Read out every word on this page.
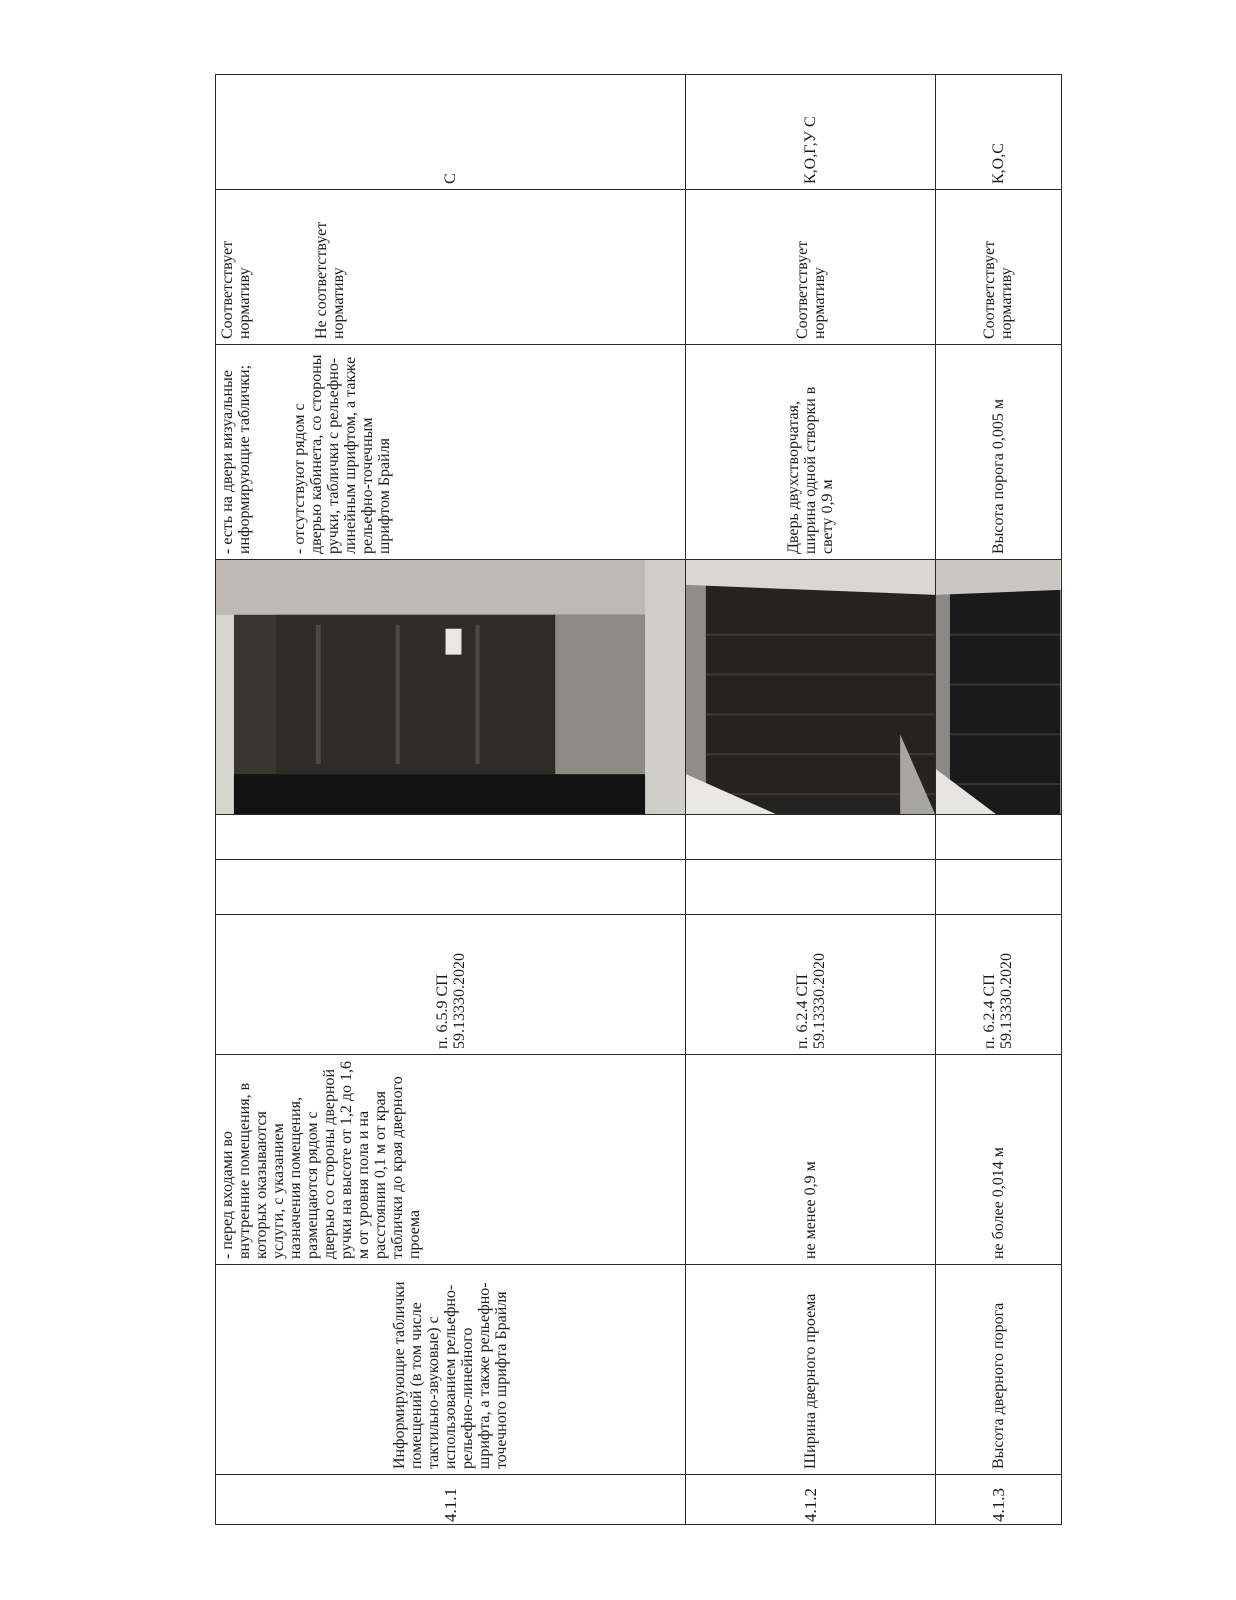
4.1.1	Информирующие таблички помещений (в том числе тактильно-звуковые) с использованием рельефно-рельефно-линейного шрифта, а также рельефно-точечного шрифта Брайля	- перед входами во внутренние помещения, в которых оказываются услуги, с указанием назначения помещения, размещаются рядом с дверью со стороны дверной ручки на высоте от 1,2 до 1,6 м от уровня пола и на расстоянии 0,1 м от края таблички до края дверного проема	п. 6.5.9 СП 59.13330.2020				- есть на двери визуальные информирующие таблички; - отсутствуют рядом с дверью кабинета, со стороны ручки, таблички с рельефно-линейным шрифтом, а также рельефно-точечным шрифтом Брайля	Соответствует нормативу Не соответствует нормативу	С
4.1.2	Ширина дверного проема	не менее 0,9 м	п. 6.2.4 СП 59.13330.2020				Дверь двухстворчатая, ширина одной створки в свету 0,9 м	Соответствует нормативу	К,О,Г,У С
4.1.3	Высота дверного порога	не более 0,014 м	п. 6.2.4 СП 59.13330.2020				Высота порога 0,005 м	Соответствует нормативу	К,О,С
